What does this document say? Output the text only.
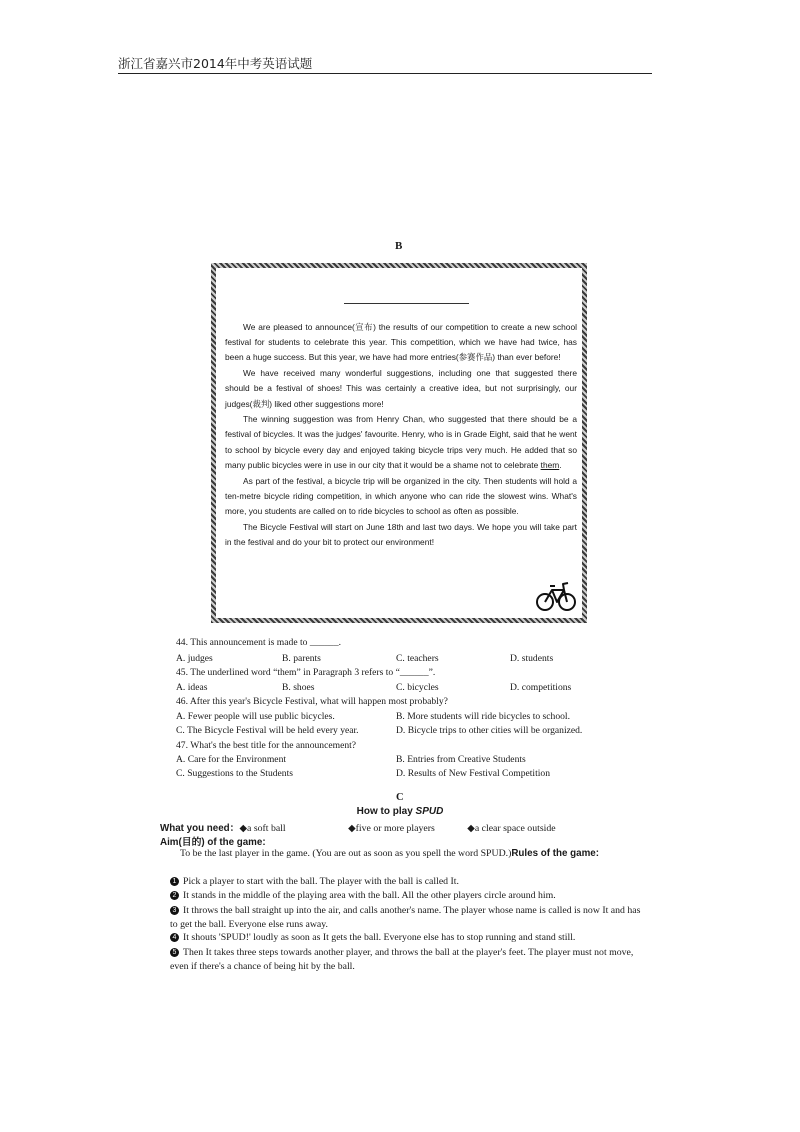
浙江省嘉兴市2014年中考英语试题
B

We are pleased to announce(宣布) the results of our competition to create a new school festival for students to celebrate this year. This competition, which we have had twice, has been a huge success. But this year, we have had more entries(参赛作品) than ever before!

We have received many wonderful suggestions, including one that suggested there should be a festival of shoes! This was certainly a creative idea, but not surprisingly, our judges(裁判) liked other suggestions more!

The winning suggestion was from Henry Chan, who suggested that there should be a festival of bicycles. It was the judges' favourite. Henry, who is in Grade Eight, said that he went to school by bicycle every day and enjoyed taking bicycle trips very much. He added that so many public bicycles were in use in our city that it would be a shame not to celebrate them.

As part of the festival, a bicycle trip will be organized in the city. Then students will hold a ten-metre bicycle riding competition, in which anyone who can ride the slowest wins. What's more, you students are called on to ride bicycles to school as often as possible.

The Bicycle Festival will start on June 18th and last two days. We hope you will take part in the festival and do your bit to protect our environment!

44. This announcement is made to ______.
A. judges	B. parents	C. teachers	D. students
45. The underlined word “them” in Paragraph 3 refers to “______”.
A. ideas	B. shoes	C. bicycles	D. competitions
46. After this year's Bicycle Festival, what will happen most probably?
A. Fewer people will use public bicycles.	B. More students will ride bicycles to school.
C. The Bicycle Festival will be held every year.	D. Bicycle trips to other cities will be organized.
47. What's the best title for the announcement?
A. Care for the Environment	B. Entries from Creative Students
C. Suggestions to the Students	D. Results of New Festival Competition
C
How to play SPUD
What you need：◆a soft ball	◆five or more players	◆a clear space outside
Aim(目的) of the game:
To be the last player in the game. (You are out as soon as you spell the word SPUD.)Rules of the game:
1 Pick a player to start with the ball. The player with the ball is called It.
2 It stands in the middle of the playing area with the ball. All the other players circle around him.
3 It throws the ball straight up into the air, and calls another's name. The player whose name is called is now It and has to get the ball. Everyone else runs away.
4 It shouts 'SPUD!' loudly as soon as It gets the ball. Everyone else has to stop running and stand still.
5 Then It takes three steps towards another player, and throws the ball at the player's feet. The player must not move, even if there's a chance of being hit by the ball.
